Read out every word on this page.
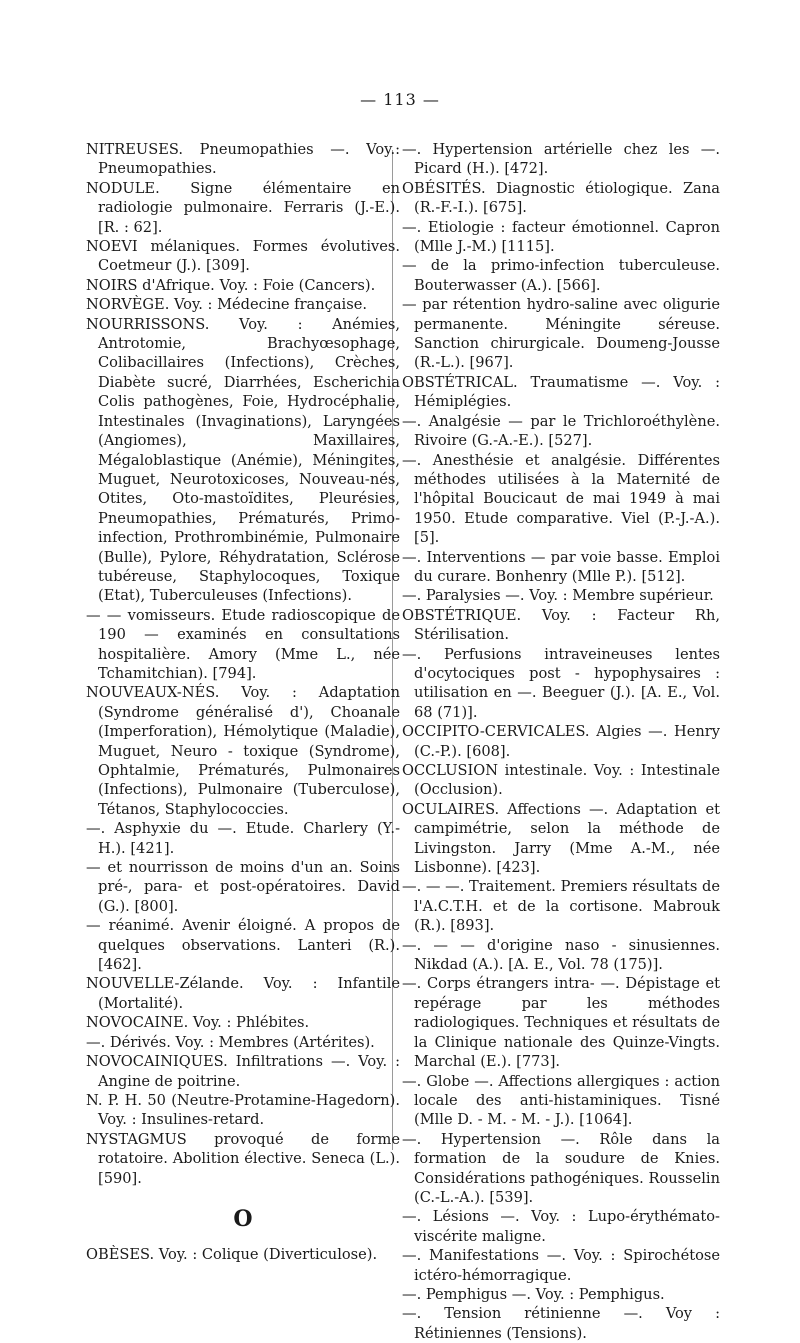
— 113 —
NITREUSES. Pneumopathies —. Voy.: Pneumopathies.
NODULE. Signe élémentaire en radiologie pulmonaire. Ferraris (J.-E.). [R. : 62].
NOEVI mélaniques. Formes évolutives. Coetmeur (J.). [309].
NOIRS d'Afrique. Voy. : Foie (Cancers).
NORVÈGE. Voy. : Médecine française.
NOURRISSONS. Voy. : Anémies, Antrotomie, Brachyœsophage, Colibacillaires (Infections), Crèches, Diabète sucré, Diarrhées, Escherichia Colis pathogènes, Foie, Hydrocéphalie, Intestinales (Invaginations), Laryngées (Angiomes), Maxillaires, Mégaloblastique (Anémie), Méningites, Muguet, Neurotoxicoses, Nouveau-nés, Otites, Oto-mastoïdites, Pleurésies, Pneumopathies, Prématurés, Primo-infection, Prothrombinémie, Pulmonaire (Bulle), Pylore, Réhydratation, Sclérose tubéreuse, Staphylocoques, Toxique (Etat), Tuberculeuses (Infections).
— — vomisseurs. Etude radioscopique de 190 — examinés en consultations hospitalière. Amory (Mme L., née Tchamitchian). [794].
NOUVEAUX-NÉS. Voy. : Adaptation (Syndrome généralisé d'), Choanale (Imperforation), Hémolytique (Maladie), Muguet, Neuro - toxique (Syndrome), Ophtalmie, Prématurés, Pulmonaires (Infections), Pulmonaire (Tuberculose), Tétanos, Staphylococcies.
—. Asphyxie du —. Etude. Charlery (Y.-H.). [421].
— et nourrisson de moins d'un an. Soins pré-, para- et post-opératoires. David (G.). [800].
— réanimé. Avenir éloigné. A propos de quelques observations. Lanteri (R.). [462].
NOUVELLE-Zélande. Voy. : Infantile (Mortalité).
NOVOCAINE. Voy. : Phlébites.
—. Dérivés. Voy. : Membres (Artérites).
NOVOCAINIQUES. Infiltrations —. Voy. : Angine de poitrine.
N. P. H. 50 (Neutre-Protamine-Hagedorn). Voy. : Insulines-retard.
NYSTAGMUS provoqué de forme rotatoire. Abolition élective. Seneca (L.). [590].
O
OBÈSES. Voy. : Colique (Diverticulose).
—. Hypertension artérielle chez les —. Picard (H.). [472].
OBÉSITÉS. Diagnostic étiologique. Zana (R.-F.-I.). [675].
—. Etiologie : facteur émotionnel. Capron (Mlle J.-M.) [1115].
— de la primo-infection tuberculeuse. Bouterwasser (A.). [566].
— par rétention hydro-saline avec oligurie permanente. Méningite séreuse. Sanction chirurgicale. Doumeng-Jousse (R.-L.). [967].
OBSTÉTRICAL. Traumatisme —. Voy. : Hémiplégies.
—. Analgésie — par le Trichloroéthylène. Rivoire (G.-A.-E.). [527].
—. Anesthésie et analgésie. Différentes méthodes utilisées à la Maternité de l'hôpital Boucicaut de mai 1949 à mai 1950. Etude comparative. Viel (P.-J.-A.). [5].
—. Interventions — par voie basse. Emploi du curare. Bonhenry (Mlle P.). [512].
—. Paralysies —. Voy. : Membre supérieur.
OBSTÉTRIQUE. Voy. : Facteur Rh, Stérilisation.
—. Perfusions intraveineuses lentes d'ocytociques post - hypophysaires : utilisation en —. Beeguer (J.). [A. E., Vol. 68 (71)].
OCCIPITO-CERVICALES. Algies —. Henry (C.-P.). [608].
OCCLUSION intestinale. Voy. : Intestinale (Occlusion).
OCULAIRES. Affections —. Adaptation et campimétrie, selon la méthode de Livingston. Jarry (Mme A.-M., née Lisbonne). [423].
—. — —. Traitement. Premiers résultats de l'A.C.T.H. et de la cortisone. Mabrouk (R.). [893].
—. — — d'origine naso - sinusiennes. Nikdad (A.). [A. E., Vol. 78 (175)].
—. Corps étrangers intra- —. Dépistage et repérage par les méthodes radiologiques. Techniques et résultats de la Clinique nationale des Quinze-Vingts. Marchal (E.). [773].
—. Globe —. Affections allergiques : action locale des anti-histaminiques. Tisné (Mlle D. - M. - M. - J.). [1064].
—. Hypertension —. Rôle dans la formation de la soudure de Knies. Considérations pathogéniques. Rousselin (C.-L.-A.). [539].
—. Lésions —. Voy. : Lupo-érythémato-viscérite maligne.
—. Manifestations —. Voy. : Spirochétose ictéro-hémorragique.
—. Pemphigus —. Voy. : Pemphigus.
—. Tension rétinienne —. Voy : Rétiniennes (Tensions).
